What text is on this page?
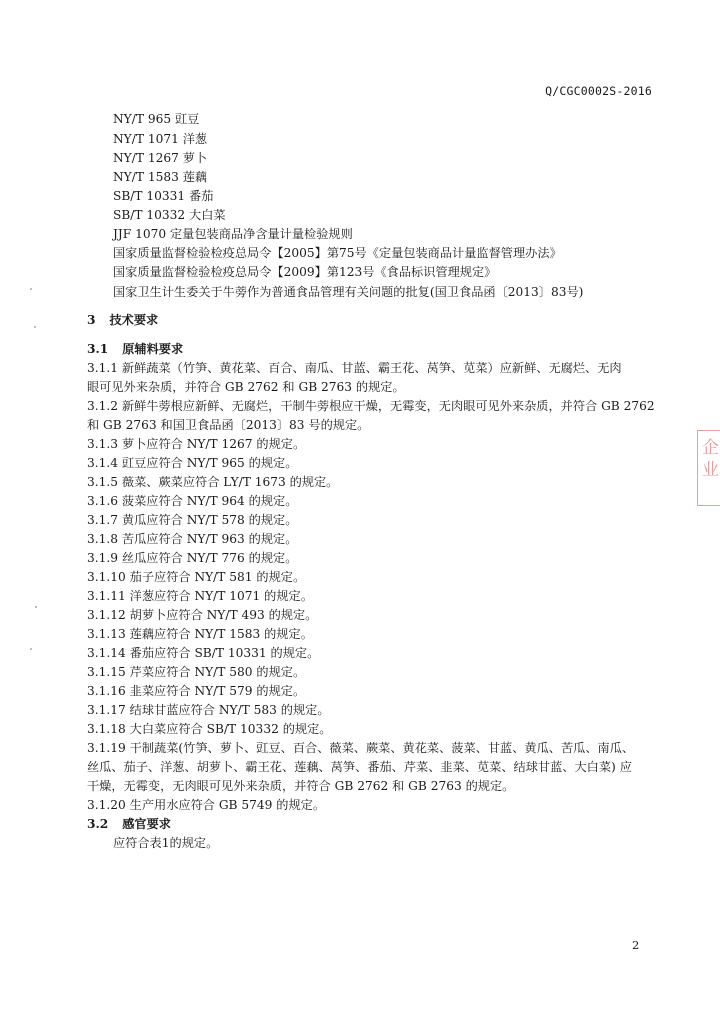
Q/CGC0002S-2016
NY/T 965 豇豆
NY/T 1071 洋葱
NY/T 1267 萝卜
NY/T 1583 莲藕
SB/T 10331 番茄
SB/T 10332 大白菜
JJF 1070 定量包装商品净含量计量检验规则
国家质量监督检验检疫总局令【2005】第75号《定量包装商品计量监督管理办法》
国家质量监督检验检疫总局令【2009】第123号《食品标识管理规定》
国家卫生计生委关于牛蒡作为普通食品管理有关问题的批复(国卫食品函〔2013〕83号)
3 技术要求
3.1 原辅料要求
3.1.1 新鲜蔬菜（竹笋、黄花菜、百合、南瓜、甘蓝、霸王花、莴笋、苋菜）应新鲜、无腐烂、无肉
眼可见外来杂质，并符合 GB 2762 和 GB 2763 的规定。
3.1.2 新鲜牛蒡根应新鲜、无腐烂，干制牛蒡根应干燥，无霉变，无肉眼可见外来杂质，并符合 GB 2762
和 GB 2763 和国卫食品函〔2013〕83 号的规定。
3.1.3 萝卜应符合 NY/T 1267 的规定。
3.1.4 豇豆应符合 NY/T 965 的规定。
3.1.5 薇菜、蕨菜应符合 LY/T 1673 的规定。
3.1.6 菠菜应符合 NY/T 964 的规定。
3.1.7 黄瓜应符合 NY/T 578 的规定。
3.1.8 苦瓜应符合 NY/T 963 的规定。
3.1.9 丝瓜应符合 NY/T 776 的规定。
3.1.10 茄子应符合 NY/T 581 的规定。
3.1.11 洋葱应符合 NY/T 1071 的规定。
3.1.12 胡萝卜应符合 NY/T 493 的规定。
3.1.13 莲藕应符合 NY/T 1583 的规定。
3.1.14 番茄应符合 SB/T 10331 的规定。
3.1.15 芹菜应符合 NY/T 580 的规定。
3.1.16 韭菜应符合 NY/T 579 的规定。
3.1.17 结球甘蓝应符合 NY/T 583 的规定。
3.1.18 大白菜应符合 SB/T 10332 的规定。
3.1.19 干制蔬菜(竹笋、萝卜、豇豆、百合、薇菜、蕨菜、黄花菜、菠菜、甘蓝、黄瓜、苦瓜、南瓜、
丝瓜、茄子、洋葱、胡萝卜、霸王花、莲藕、莴笋、番茄、芹菜、韭菜、苋菜、结球甘蓝、大白菜) 应
干燥，无霉变，无肉眼可见外来杂质，并符合 GB 2762 和 GB 2763 的规定。
3.1.20 生产用水应符合 GB 5749 的规定。
3.2 感官要求
应符合表1的规定。
2
企业
